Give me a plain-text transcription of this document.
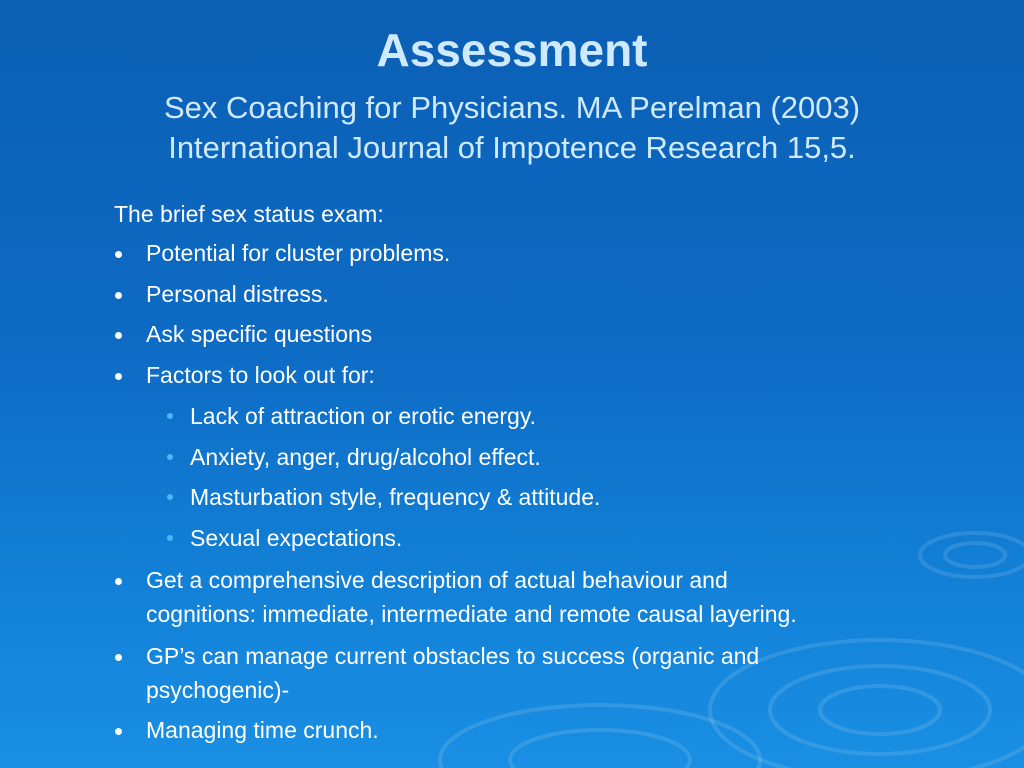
Assessment
Sex Coaching for Physicians. MA Perelman (2003)
International Journal of Impotence Research 15,5.
The brief sex status exam:
Potential for cluster problems.
Personal distress.
Ask specific questions
Factors to look out for:
Lack of attraction or erotic energy.
Anxiety, anger, drug/alcohol effect.
Masturbation style, frequency & attitude.
Sexual expectations.
Get a comprehensive description of actual behaviour and
cognitions: immediate, intermediate and remote causal layering.
GP’s can manage current obstacles to success (organic and
psychogenic)-
Managing time crunch.
